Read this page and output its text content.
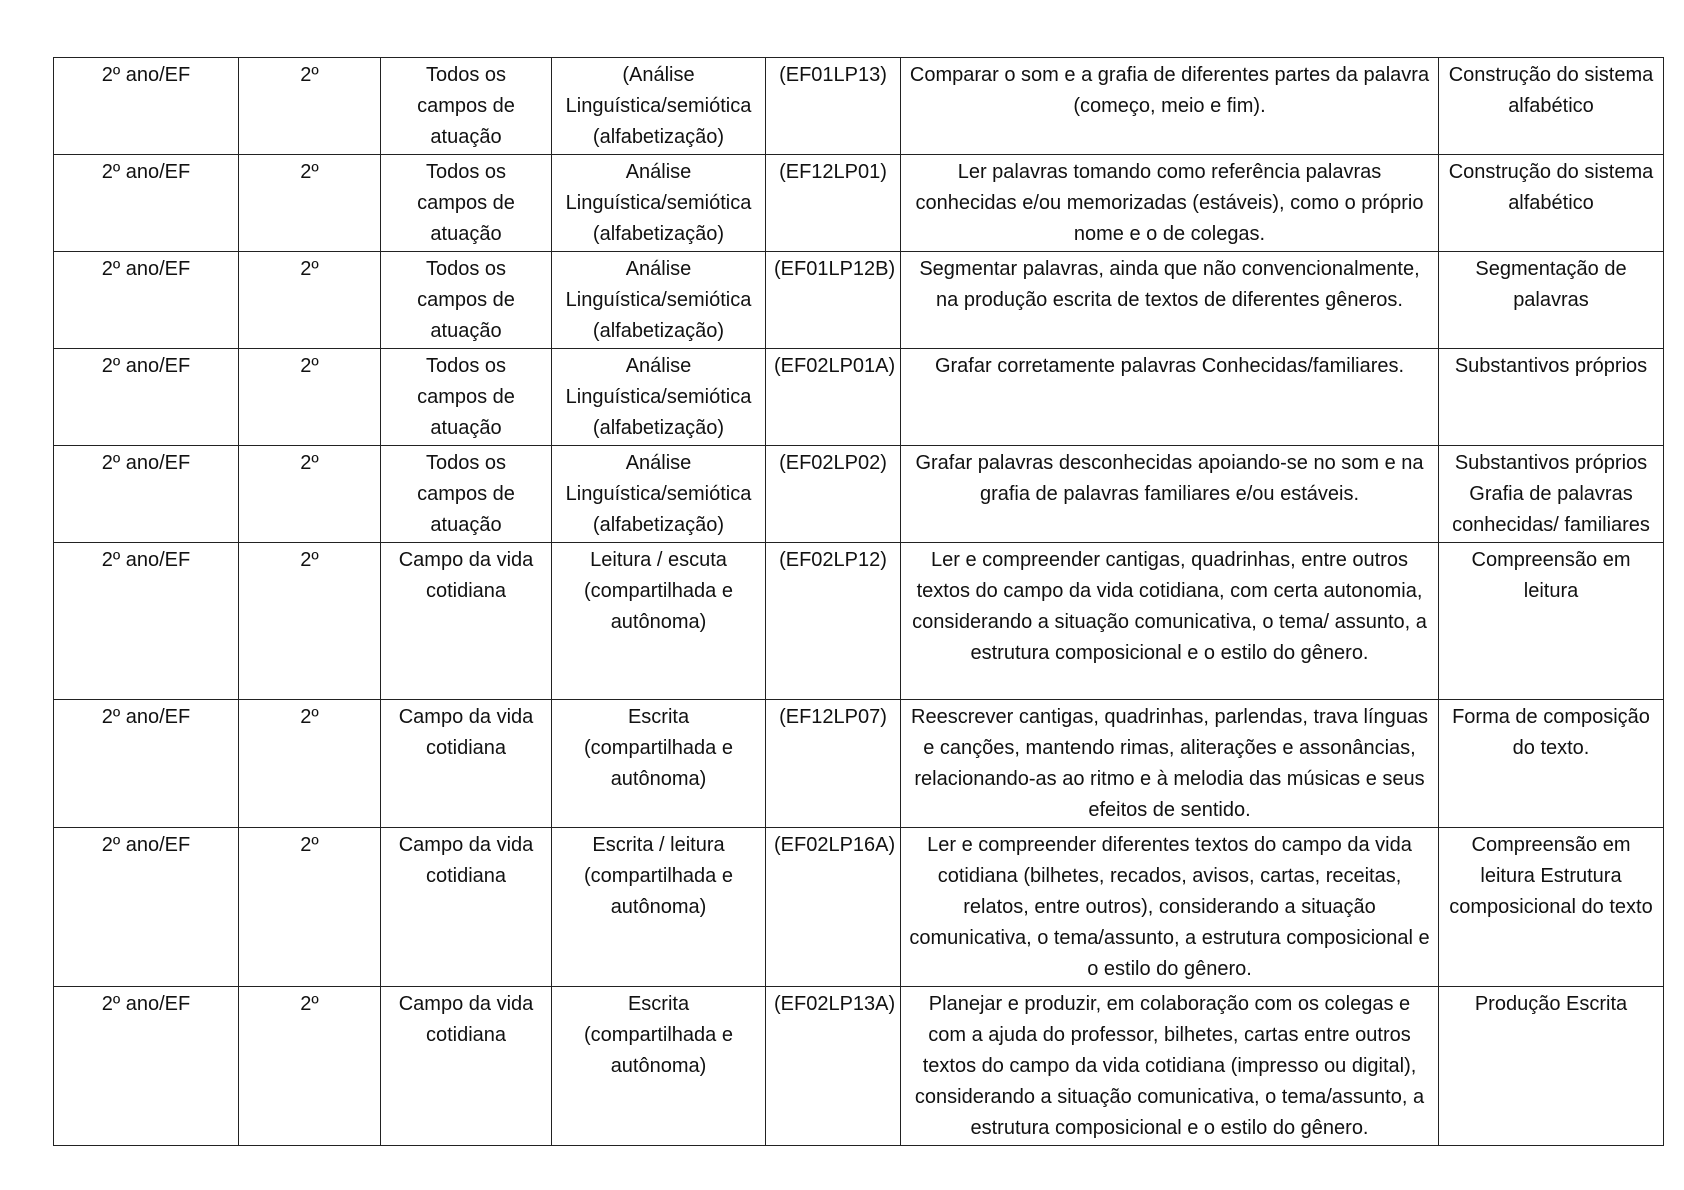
2º ano/EF	2º	Todos os campos de atuação	(Análise Linguística/semiótica (alfabetização)	(EF01LP13)	Comparar o som e a grafia de diferentes partes da palavra (começo, meio e fim).	Construção do sistema alfabético
2º ano/EF	2º	Todos os campos de atuação	Análise Linguística/semiótica (alfabetização)	(EF12LP01)	Ler palavras tomando como referência palavras conhecidas e/ou memorizadas (estáveis), como o próprio nome e o de colegas.	Construção do sistema alfabético
2º ano/EF	2º	Todos os campos de atuação	Análise Linguística/semiótica (alfabetização)	(EF01LP12B)	Segmentar palavras, ainda que não convencionalmente, na produção escrita de textos de diferentes gêneros.	Segmentação de palavras
2º ano/EF	2º	Todos os campos de atuação	Análise Linguística/semiótica (alfabetização)	(EF02LP01A)	Grafar corretamente palavras Conhecidas/familiares.	Substantivos próprios
2º ano/EF	2º	Todos os campos de atuação	Análise Linguística/semiótica (alfabetização)	(EF02LP02)	Grafar palavras desconhecidas apoiando-se no som e na grafia de palavras familiares e/ou estáveis.	Substantivos próprios Grafia de palavras conhecidas/ familiares
2º ano/EF	2º	Campo da vida cotidiana	Leitura / escuta (compartilhada e autônoma)	(EF02LP12)	Ler e compreender cantigas, quadrinhas, entre outros textos do campo da vida cotidiana, com certa autonomia, considerando a situação comunicativa, o tema/ assunto, a estrutura composicional e o estilo do gênero.	Compreensão em leitura
2º ano/EF	2º	Campo da vida cotidiana	Escrita (compartilhada e autônoma)	(EF12LP07)	Reescrever cantigas, quadrinhas, parlendas, trava línguas e canções, mantendo rimas, aliterações e assonâncias, relacionando-as ao ritmo e à melodia das músicas e seus efeitos de sentido.	Forma de composição do texto.
2º ano/EF	2º	Campo da vida cotidiana	Escrita / leitura (compartilhada e autônoma)	(EF02LP16A)	Ler e compreender diferentes textos do campo da vida cotidiana (bilhetes, recados, avisos, cartas, receitas, relatos, entre outros), considerando a situação comunicativa, o tema/assunto, a estrutura composicional e o estilo do gênero.	Compreensão em leitura Estrutura composicional do texto
2º ano/EF	2º	Campo da vida cotidiana	Escrita (compartilhada e autônoma)	(EF02LP13A)	Planejar e produzir, em colaboração com os colegas e com a ajuda do professor, bilhetes, cartas entre outros textos do campo da vida cotidiana (impresso ou digital), considerando a situação comunicativa, o tema/assunto, a estrutura composicional e o estilo do gênero.	Produção Escrita
